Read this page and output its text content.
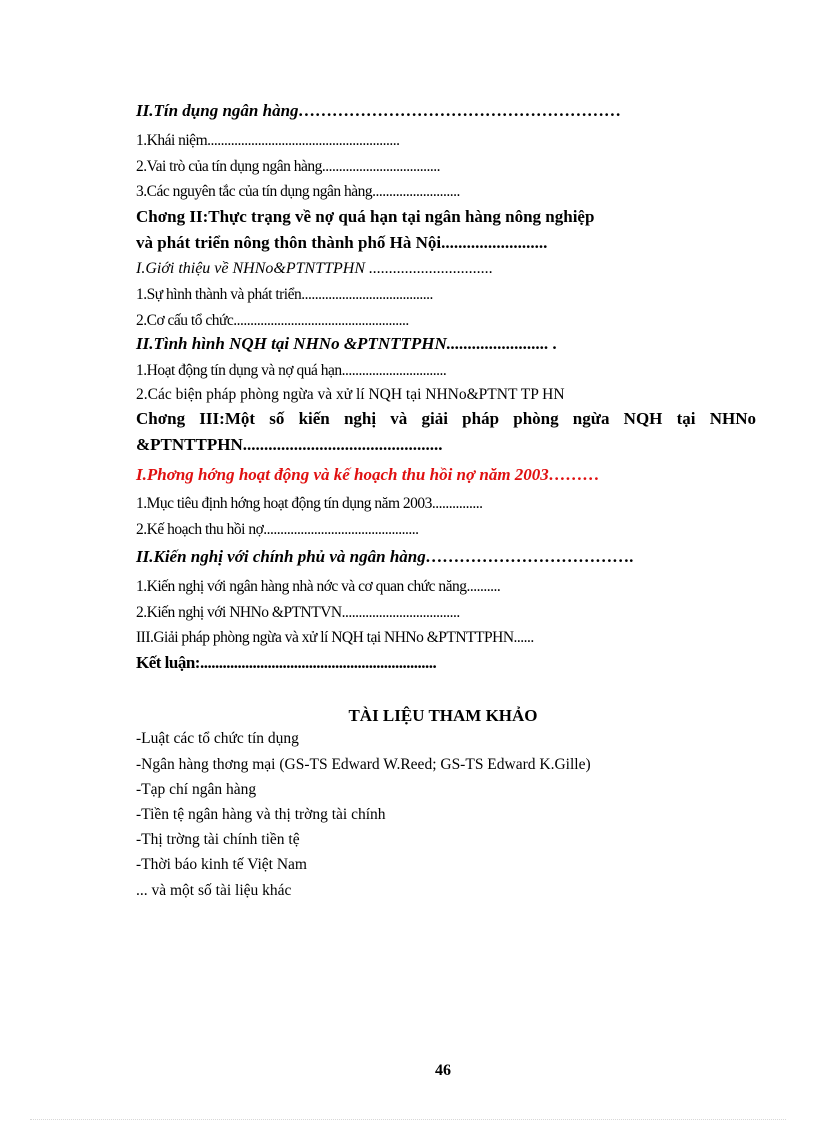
II.Tín dụng ngân hàng…………………………………………………
1.Khái niệm.........................................................
2.Vai trò của tín dụng ngân hàng...................................
3.Các nguyên tắc của tín dụng ngân hàng..........................
Chơng II:Thực trạng về nợ quá hạn tại ngân hàng nông nghiệp
và phát triển nông thôn thành phố Hà Nội.........................
I.Giới thiệu về NHNo&PTNTTPHN ...............................
1.Sự hình thành và phát triển.......................................
2.Cơ cấu tổ chức....................................................
II.Tình hình NQH tại NHNo &PTNTTPHN........................ .
1.Hoạt động tín dụng và nợ quá hạn...............................
2.Các biện pháp phòng ngừa và xử lí NQH tại NHNo&PTNT TP HN
Chơng III:Một số kiến nghị và giải pháp phòng ngừa NQH tại NHNo
&PTNTTPHN...............................................
I.Phơng hớng hoạt động và kế hoạch thu hồi nợ năm 2003………
1.Mục tiêu định hớng hoạt động tín dụng năm 2003...............
2.Kế hoạch thu hồi nợ..............................................
II.Kiến nghị với chính phủ và ngân hàng……………………………….
1.Kiến nghị với ngân hàng nhà nớc và cơ quan chức năng..........
2.Kiến nghị với NHNo &PTNTVN...................................
III.Giải pháp phòng ngừa và xử lí NQH tại NHNo &PTNTTPHN......
Kết luận:...............................................................
TÀI LIỆU THAM KHẢO
-Luật các tổ chức tín dụng
-Ngân hàng thơng mại (GS-TS Edward W.Reed; GS-TS Edward K.Gille)
-Tạp chí ngân hàng
-Tiền tệ ngân hàng và thị trờng tài chính
-Thị trờng tài chính tiền tệ
-Thời báo kinh tế Việt Nam
... và một số tài liệu khác
46
